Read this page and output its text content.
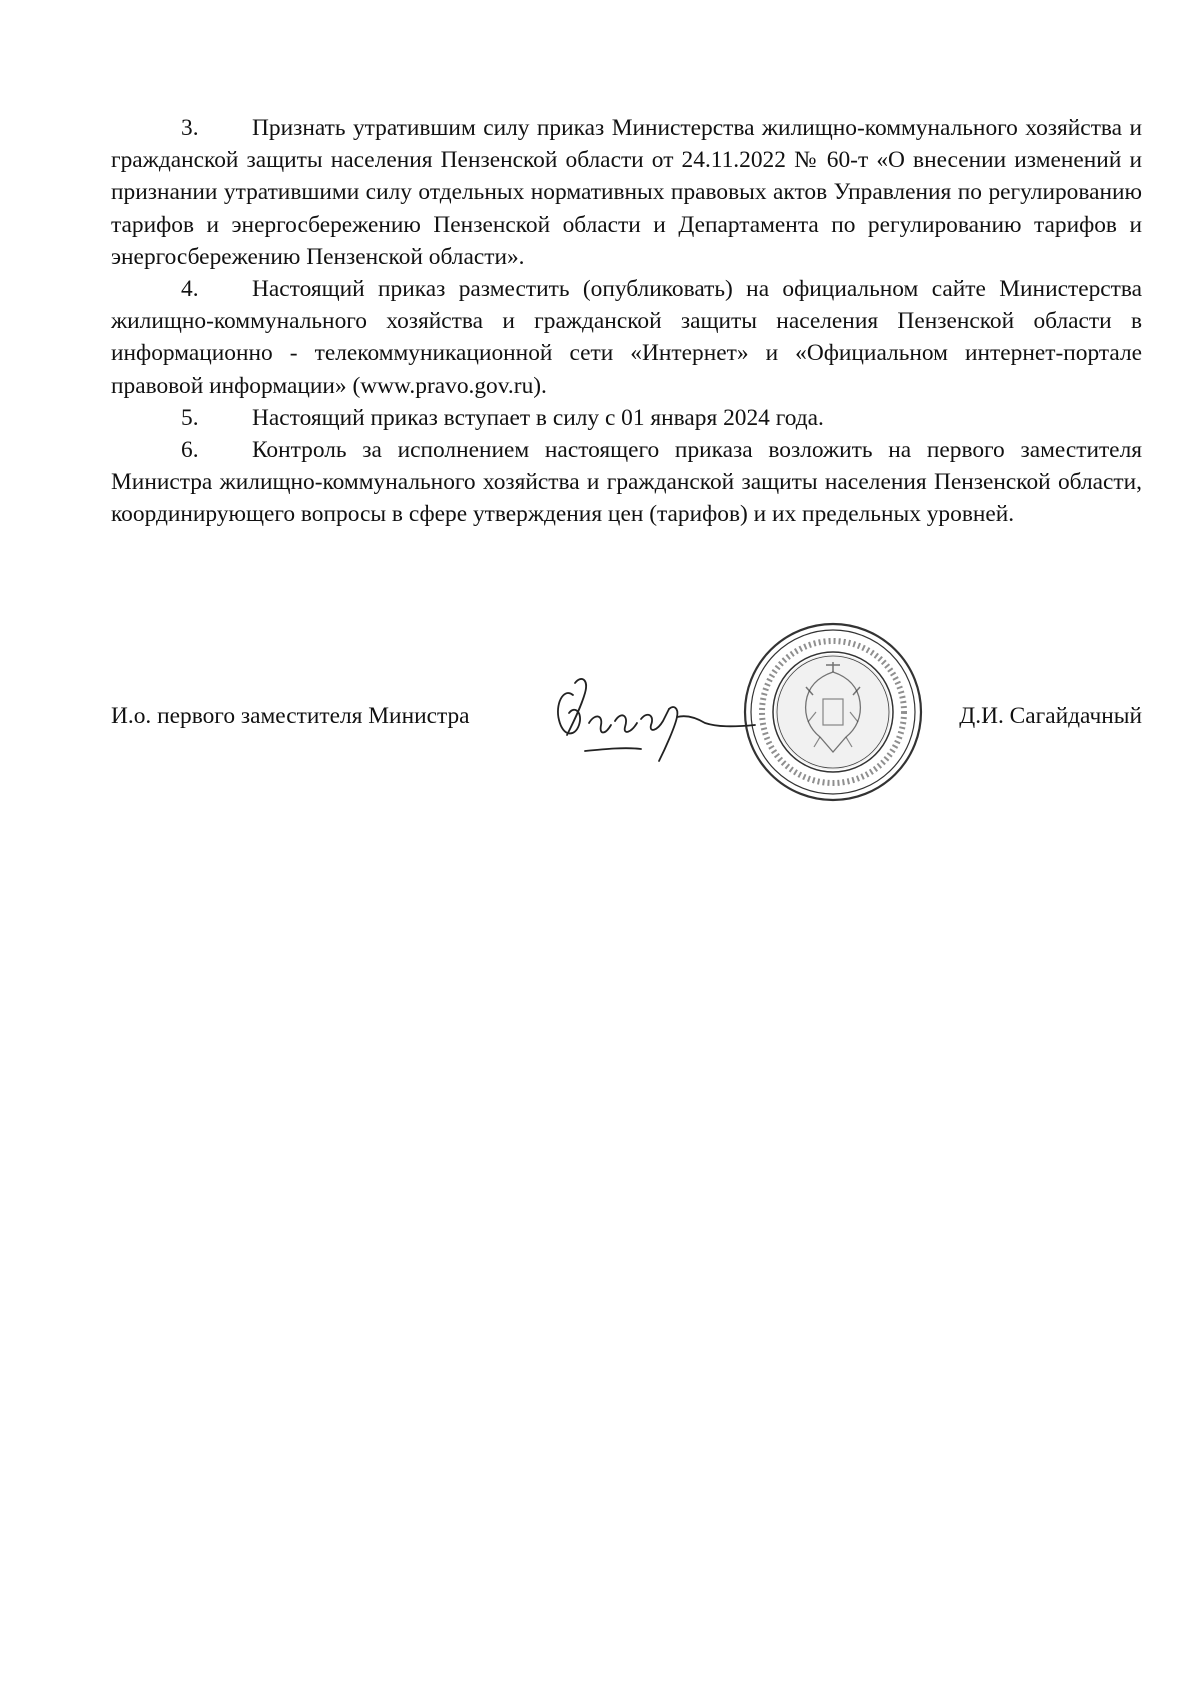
3. Признать утратившим силу приказ Министерства жилищно-коммунального хозяйства и гражданской защиты населения Пензенской области от 24.11.2022 № 60-т «О внесении изменений и признании утратившими силу отдельных нормативных правовых актов Управления по регулированию тарифов и энергосбережению Пензенской области и Департамента по регулированию тарифов и энергосбережению Пензенской области».

4. Настоящий приказ разместить (опубликовать) на официальном сайте Министерства жилищно-коммунального хозяйства и гражданской защиты населения Пензенской области в информационно - телекоммуникационной сети «Интернет» и «Официальном интернет-портале правовой информации» (www.pravo.gov.ru).

5. Настоящий приказ вступает в силу с 01 января 2024 года.

6. Контроль за исполнением настоящего приказа возложить на первого заместителя Министра жилищно-коммунального хозяйства и гражданской защиты населения Пензенской области, координирующего вопросы в сфере утверждения цен (тарифов) и их предельных уровней.

И.о. первого заместителя Министра	Д.И. Сагайдачный
